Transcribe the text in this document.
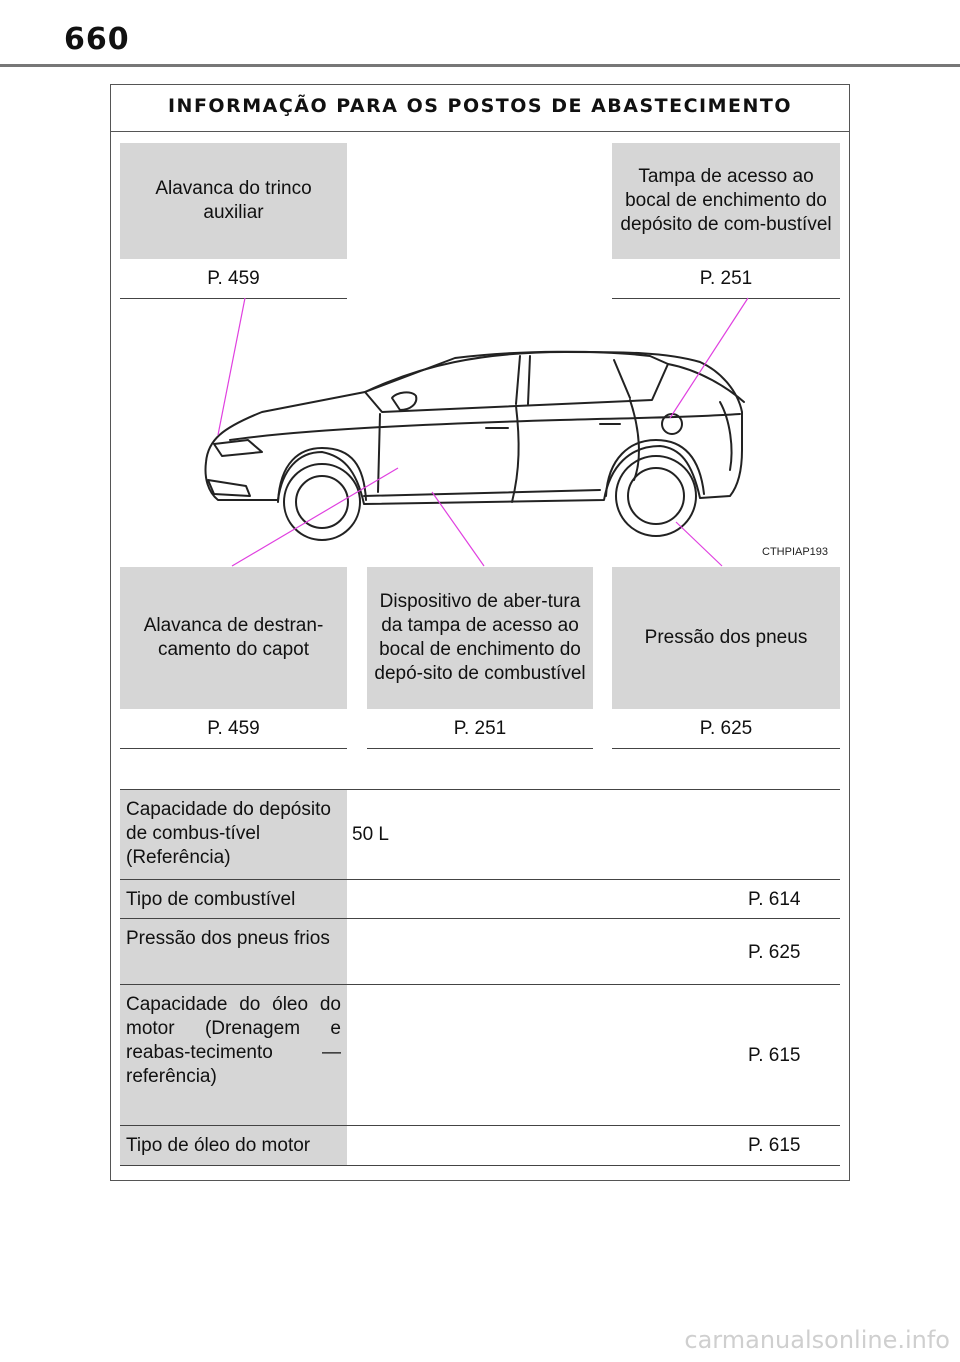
660
INFORMAÇÃO PARA OS POSTOS DE ABASTECIMENTO
Alavanca do trinco auxiliar
P. 459
Tampa de acesso ao bocal de enchimento do depósito de com-bustível
P. 251
CTHPIAP193
Alavanca de destran-camento do capot
P. 459
Dispositivo de aber-tura da tampa de acesso ao bocal de enchimento do depó-sito de combustível
P. 251
Pressão dos pneus
P. 625
Capacidade do depósito de combus-tível (Referência)
50 L
Tipo de combustível	P. 614
Pressão dos pneus frios
P. 625
Capacidade do óleo do motor (Drenagem e reabas-tecimento — referência)
P. 615
Tipo de óleo do motor	P. 615
carmanualsonline.info
